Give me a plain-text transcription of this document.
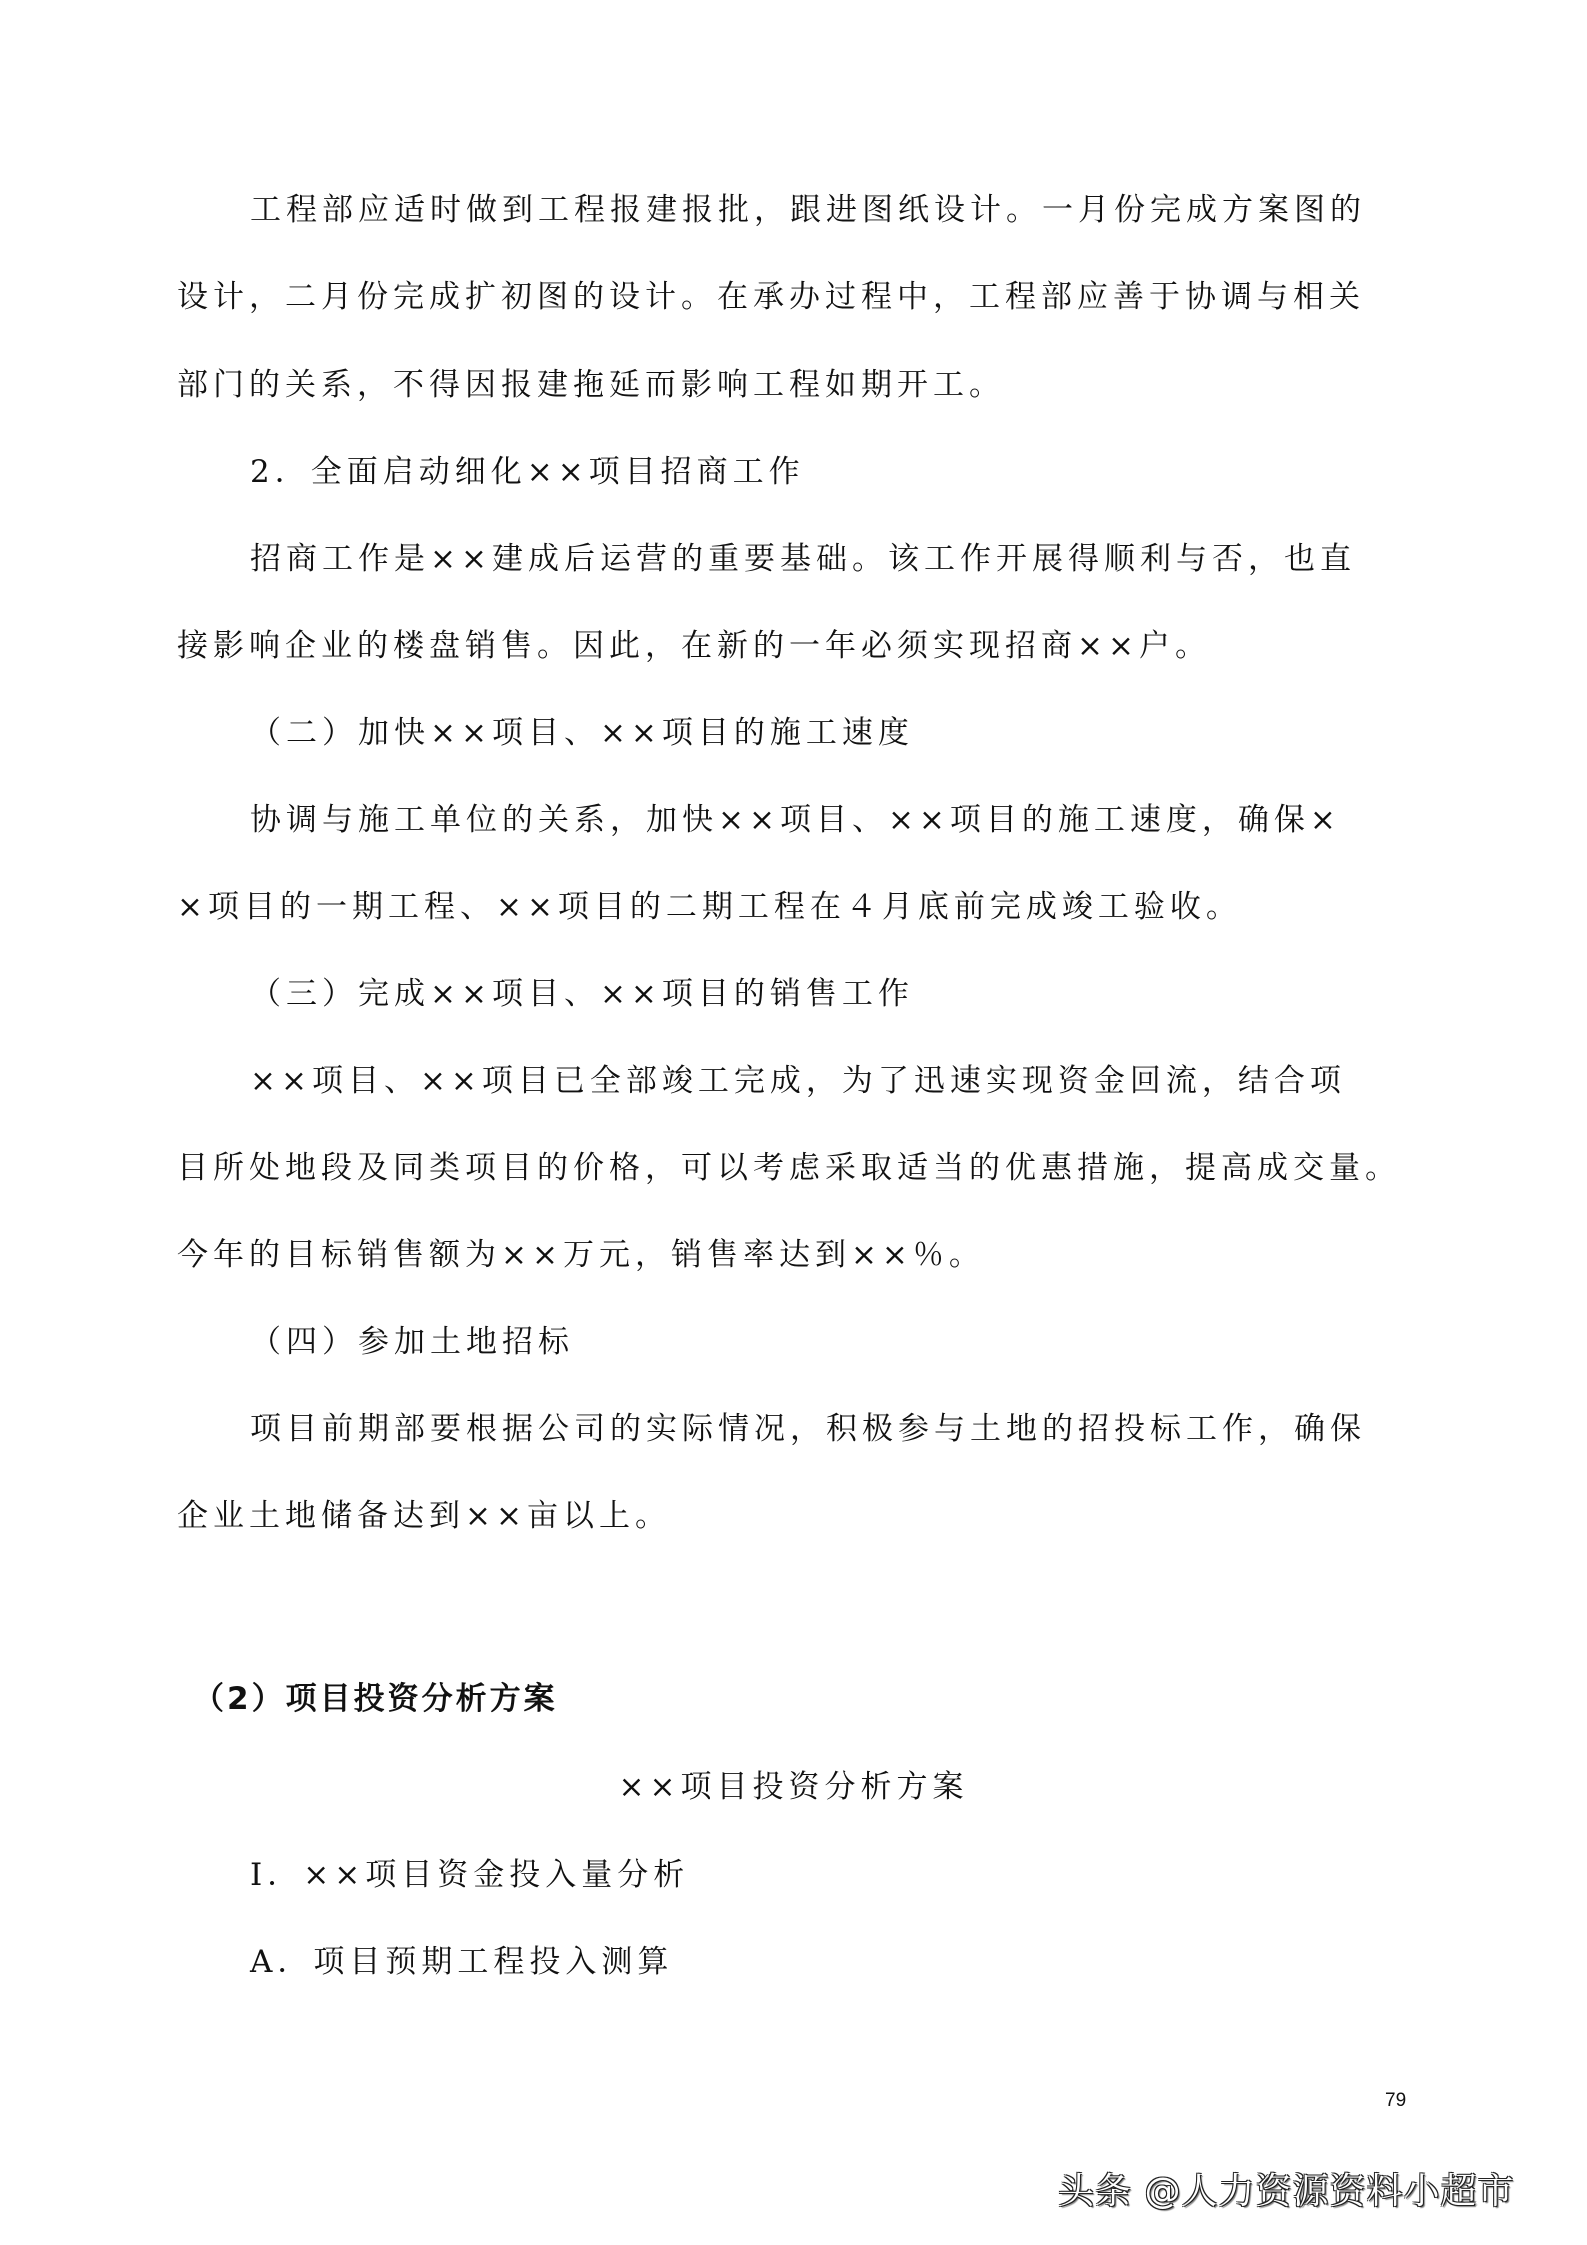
工程部应适时做到工程报建报批，跟进图纸设计。一月份完成方案图的
设计，二月份完成扩初图的设计。在承办过程中，工程部应善于协调与相关
部门的关系，不得因报建拖延而影响工程如期开工。
2．全面启动细化××项目招商工作
招商工作是××建成后运营的重要基础。该工作开展得顺利与否，也直
接影响企业的楼盘销售。因此，在新的一年必须实现招商××户。
（二）加快××项目、××项目的施工速度
协调与施工单位的关系，加快××项目、××项目的施工速度，确保×
×项目的一期工程、××项目的二期工程在４月底前完成竣工验收。
（三）完成××项目、××项目的销售工作
××项目、××项目已全部竣工完成，为了迅速实现资金回流，结合项
目所处地段及同类项目的价格，可以考虑采取适当的优惠措施，提高成交量。
今年的目标销售额为××万元，销售率达到××％。
（四）参加土地招标
项目前期部要根据公司的实际情况，积极参与土地的招投标工作，确保
企业土地储备达到××亩以上。
（2）项目投资分析方案
××项目投资分析方案
I．××项目资金投入量分析
A．项目预期工程投入测算
79
头条 @人力资源资料小超市
